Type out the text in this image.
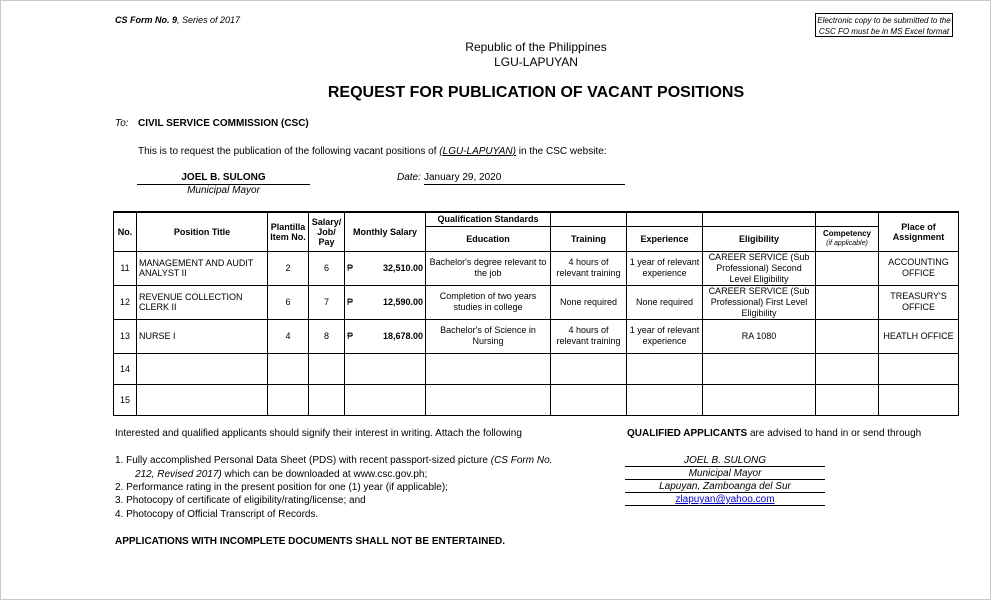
CS Form No. 9, Series of 2017	Electronic copy to be submitted to the CSC FO must be in MS Excel format
Republic of the Philippines
LGU-LAPUYAN
REQUEST FOR PUBLICATION OF VACANT POSITIONS
To: CIVIL SERVICE COMMISSION (CSC)
This is to request the publication of the following vacant positions of (LGU-LAPUYAN) in the CSC website:
JOEL B. SULONG
Municipal Mayor
Date: January 29, 2020
No.	Position Title	Plantilla Item No.	Salary/ Job/ Pay	Monthly Salary	Qualification Standards					Place of Assignment
					Education	Training	Experience	Eligibility	Competency
(if applicable)	
11	MANAGEMENT AND AUDIT ANALYST II	2	6	₱ 32,510.00	Bachelor's degree relevant to the job	4 hours of relevant training	1 year of relevant experience	CAREER SERVICE (Sub Professional) Second Level Eligibility		ACCOUNTING OFFICE
12	REVENUE COLLECTION CLERK II	6	7	₱ 12,590.00	Completion of two years studies in college	None required	None required	CAREER SERVICE (Sub Professional) First Level Eligibility		TREASURY'S OFFICE
13	NURSE I	4	8	₱ 18,678.00	Bachelor's of Science in Nursing	4 hours of relevant training	1 year of relevant experience	RA 1080		HEATLH OFFICE
14										
15										
Interested and qualified applicants should signify their interest in writing. Attach the following
1. Fully accomplished Personal Data Sheet (PDS) with recent passport-sized picture (CS Form No.
212, Revised 2017) which can be downloaded at www.csc.gov.ph;
2. Performance rating in the present position for one (1) year (if applicable);
3. Photocopy of certificate of eligibility/rating/license; and
4. Photocopy of Official Transcript of Records.
APPLICATIONS WITH INCOMPLETE DOCUMENTS SHALL NOT BE ENTERTAINED.
QUALIFIED APPLICANTS are advised to hand in or send through
JOEL B. SULONG
Municipal Mayor
Lapuyan, Zamboanga del Sur
zlapuyan@yahoo.com
